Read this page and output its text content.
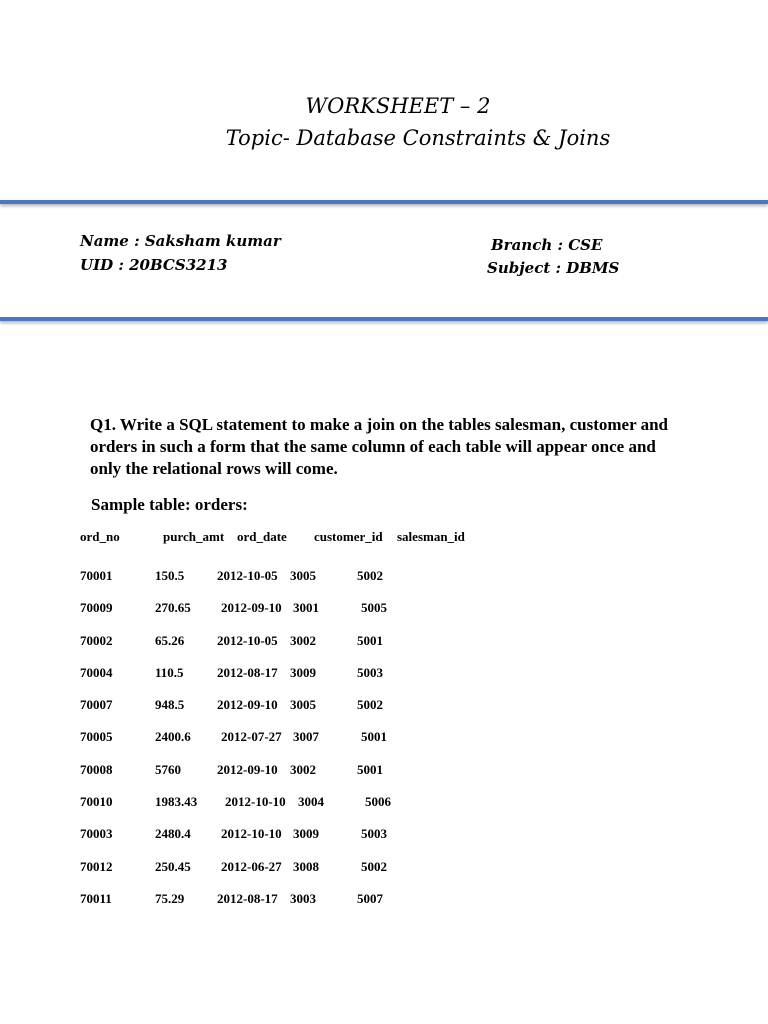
WORKSHEET – 2
Topic- Database Constraints & Joins
Name : Saksham kumar
UID : 20BCS3213
Branch : CSE
Subject : DBMS
Q1. Write a SQL statement to make a join on the tables salesman, customer and orders in such a form that the same column of each table will appear once and only the relational rows will come.
Sample table: orders:
ord_no	purch_amt ord_date customer_id salesman_id
70001	150.5	2012-10-05 3005	5002
70009	270.65 2012-09-10 3001	5005
70002	65.26	2012-10-05 3002	5001
70004	110.5	2012-08-17 3009	5003
70007	948.5	2012-09-10 3005	5002
70005	2400.6 2012-07-27 3007	5001
70008	5760	2012-09-10 3002	5001
70010	1983.43 2012-10-10 3004	5006
70003	2480.4 2012-10-10 3009	5003
70012	250.45 2012-06-27 3008	5002
70011	75.29	2012-08-17 3003	5007
